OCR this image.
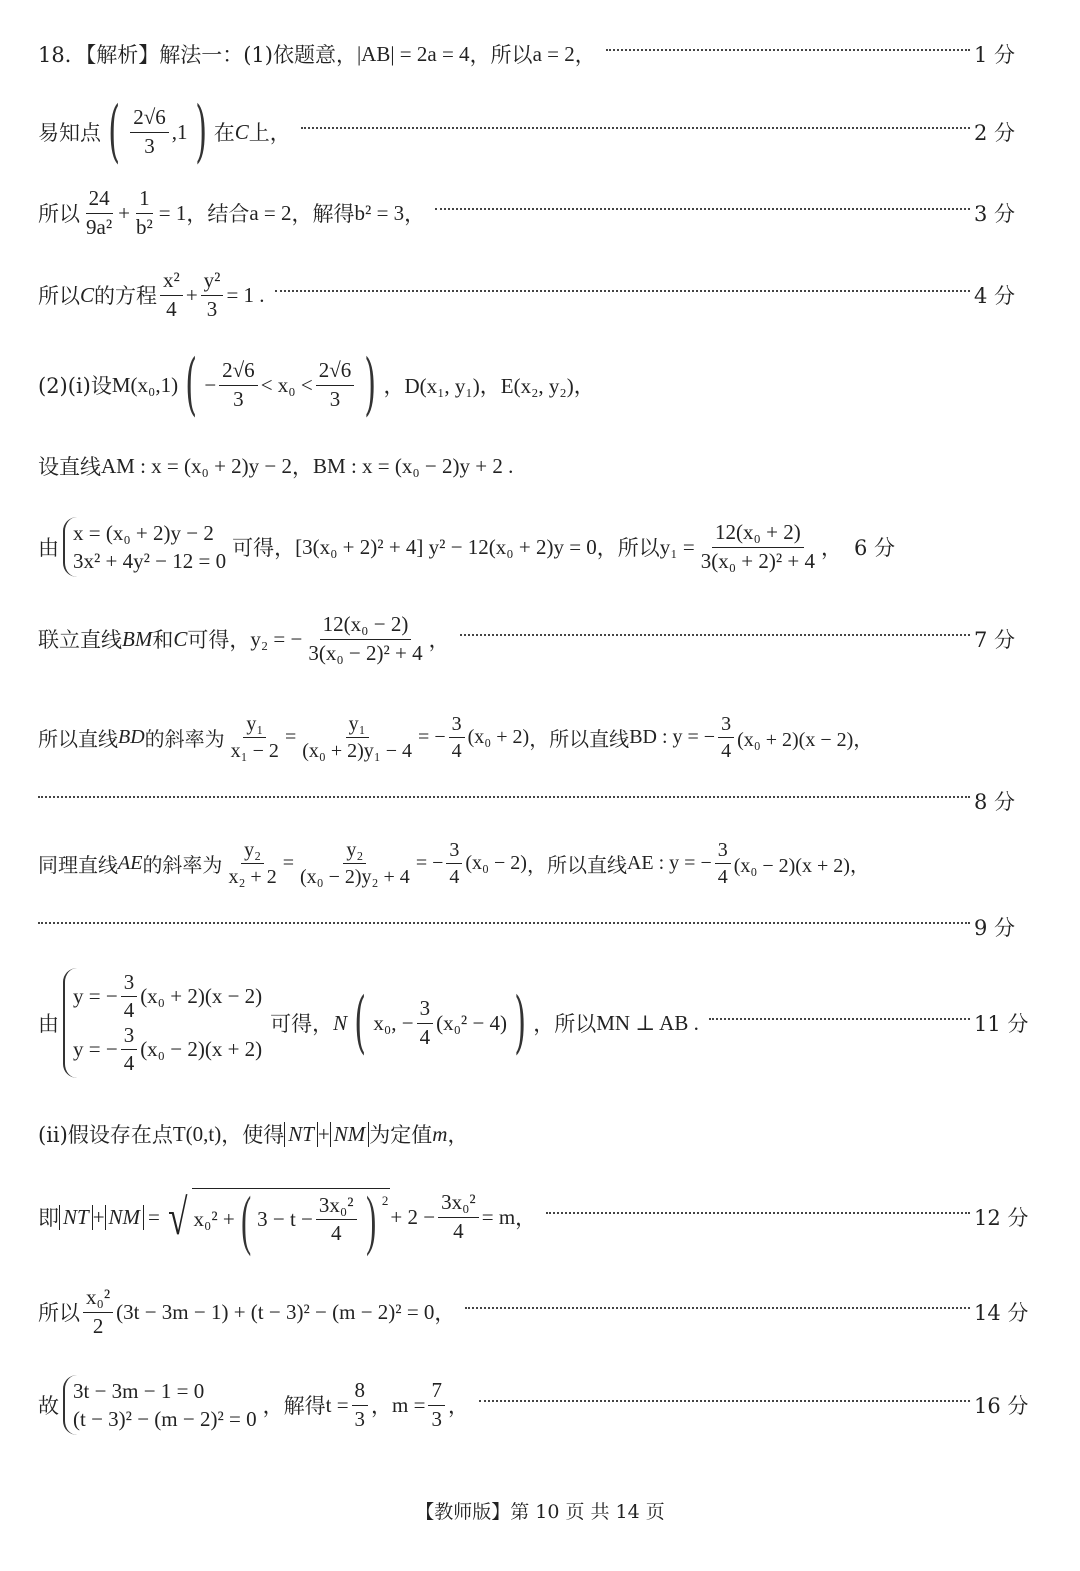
18．【解析】解法一：(1)依题意， |AB| = 2a = 4 ，所以 a = 2 ，	1 分
易知点 ( $\frac{2√6}{3} ,1$ ) 在 C 上，	2 分
所以 $\frac{24}{\text{9a²}} + \frac{1}{\text{b²}} = 1$ ，结合 a = 2 ，解得 b² = 3 ，	3 分
所以 C 的方程 $\frac{\text{x²}}{4} + \frac{\text{y²}}{3} = 1$ .	4 分
(2)(i)设 M(x₀,1) ( − $\frac{2√6}{3} < x_0 < \frac{2√6}{3}$ ) ，D(x₁, y₁)，E(x₂, y₂)，
设直线 AM : x = (x₀ + 2)y − 2 ， BM : x = (x₀ − 2)y + 2 .
由
x = (x₀ + 2)y − 2
3x² + 4y² − 12 = 0
可得， [3(x₀ + 2)² + 4] y² − 12(x₀ + 2)y = 0 ，所以 $y_1 = \frac{\text{12(x₀ + 2)}}{\text{3(x₀ + 2)² + 4}}$ ， 6 分
联立直线 BM 和 C 可得， y₂ = − $\frac{\text{12(x₀ − 2)}}{\text{3(x₀ − 2)² + 4}}$ ，	7 分
所以直线 BD 的斜率为 $\frac{\text{y₁}}{\text{x₁ − 2}} = \frac{\text{y₁}}{\text{(x₀ + 2)y₁ − 4}}$ = − $\frac{3}{4} (x_0 + 2)$ ，所以直线 BD : y = − $\frac{3}{4} (x_0 + 2)(x - 2)$，
8 分
同理直线 AE 的斜率为 $\frac{\text{y₂}}{\text{x₂ + 2}} = \frac{\text{y₂}}{\text{(x₀ − 2)y₂ + 4}}$ = − $\frac{3}{4} (x_0 - 2)$ ，所以直线 AE : y = − $\frac{3}{4} (x_0 - 2)(x + 2)$，
9 分
由
y = − $\frac{3}{4} (x_0 + 2)(x - 2)$
y = − $\frac{3}{4} (x_0 - 2)(x + 2)$
可得， N ( x₀, − $\frac{3}{4} (x_0^2 - 4)$ ) ，所以 MN ⊥ AB .	11 分
(ii)假设存在点 T(0,t) ，使得 NT + NM 为定值 m ，
即 NT + NM = √ x₀² + ( $3 - t - \frac{\text{3x₀²}}{4}$ ) $^2$
+ $2 - \frac{\text{3x₀²}}{4} = m$ ，	12 分
所以 $\frac{\text{x₀²}}{2} (3t - 3m - 1) + (t - 3)^2 - (m - 2)^2 = 0$ ，	14 分
故
3t − 3m − 1 = 0
(t − 3)² − (m − 2)² = 0
，解得 $t = \frac{8}{3}$ ， $m = \frac{7}{3}$ ，	16 分
【教师版】第 10 页 共 14 页
